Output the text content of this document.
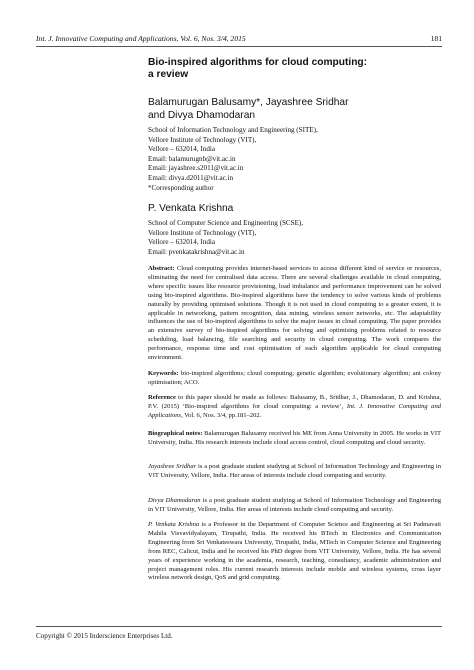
Int. J. Innovative Computing and Applications, Vol. 6, Nos. 3/4, 2015	181
Bio-inspired algorithms for cloud computing:
a review
Balamurugan Balusamy*, Jayashree Sridhar
and Divya Dhamodaran
School of Information Technology and Engineering (SITE),
Vellore Institute of Technology (VIT),
Vellore – 632014, India
Email: balamurugnb@vit.ac.in
Email: jayashree.s2011@vit.ac.in
Email: divya.d2011@vit.ac.in
*Corresponding author
P. Venkata Krishna
School of Computer Science and Engineering (SCSE),
Vellore Institute of Technology (VIT),
Vellore – 632014, India
Email: pvenkatakrishna@vit.ac.in
Abstract: Cloud computing provides internet-based services to access different kind of service or resources, eliminating the need for centralised data access. There are several challenges available in cloud computing, where specific issues like resource provisioning, load imbalance and performance improvement can be solved using bio-inspired algorithms. Bio-inspired algorithms have the tendency to solve various kinds of problems naturally by providing optimised solutions. Though it is not used in cloud computing to a greater extent, it is applicable in networking, pattern recognition, data mining, wireless sensor networks, etc. The adaptability influences the use of bio-inspired algorithms to solve the major issues in cloud computing. The paper provides an extensive survey of bio-inspired algorithms for solving and optimising problems related to resource scheduling, load balancing, file searching and security in cloud computing. The work compares the performance, response time and cost optimisation of each algorithm applicable for cloud computing environment.
Keywords: bio-inspired algorithms; cloud computing; genetic algorithm; evolutionary algorithm; ant colony optimisation; ACO.
Reference to this paper should be made as follows: Balusamy, B., Sridhar, J., Dhamodaran, D. and Krishna, P.V. (2015) ‘Bio-inspired algorithms for cloud computing: a review’, Int. J. Innovative Computing and Applications, Vol. 6, Nos. 3/4, pp.181–202.
Biographical notes: Balamurugan Balusamy received his ME from Anna University in 2005. He works in VIT University, India. His research interests include cloud access control, cloud computing and cloud security.
Jayashree Sridhar is a post graduate student studying at School of Information Technology and Engineering in VIT University, Vellore, India. Her areas of interests include cloud computing and security.
Divya Dhamodaran is a post graduate student studying at School of Information Technology and Engineering in VIT University, Vellore, India. Her areas of interests include cloud computing and security.
P. Venkata Krishna is a Professor in the Department of Computer Science and Engineering at Sri Padmavati Mahila Visvavidyalayam, Tirupathi, India. He received his BTech in Electronics and Communication Engineering from Sri Venkateswara University, Tirupathi, India, MTech in Computer Science and Engineering from REC, Calicut, India and he received his PhD degree from VIT University, Vellore, India. He has several years of experience working in the academia, research, teaching, consultancy, academic administration and project management roles. His current research interests include mobile and wireless systems, cross layer wireless network design, QoS and grid computing.
Copyright © 2015 Inderscience Enterprises Ltd.
